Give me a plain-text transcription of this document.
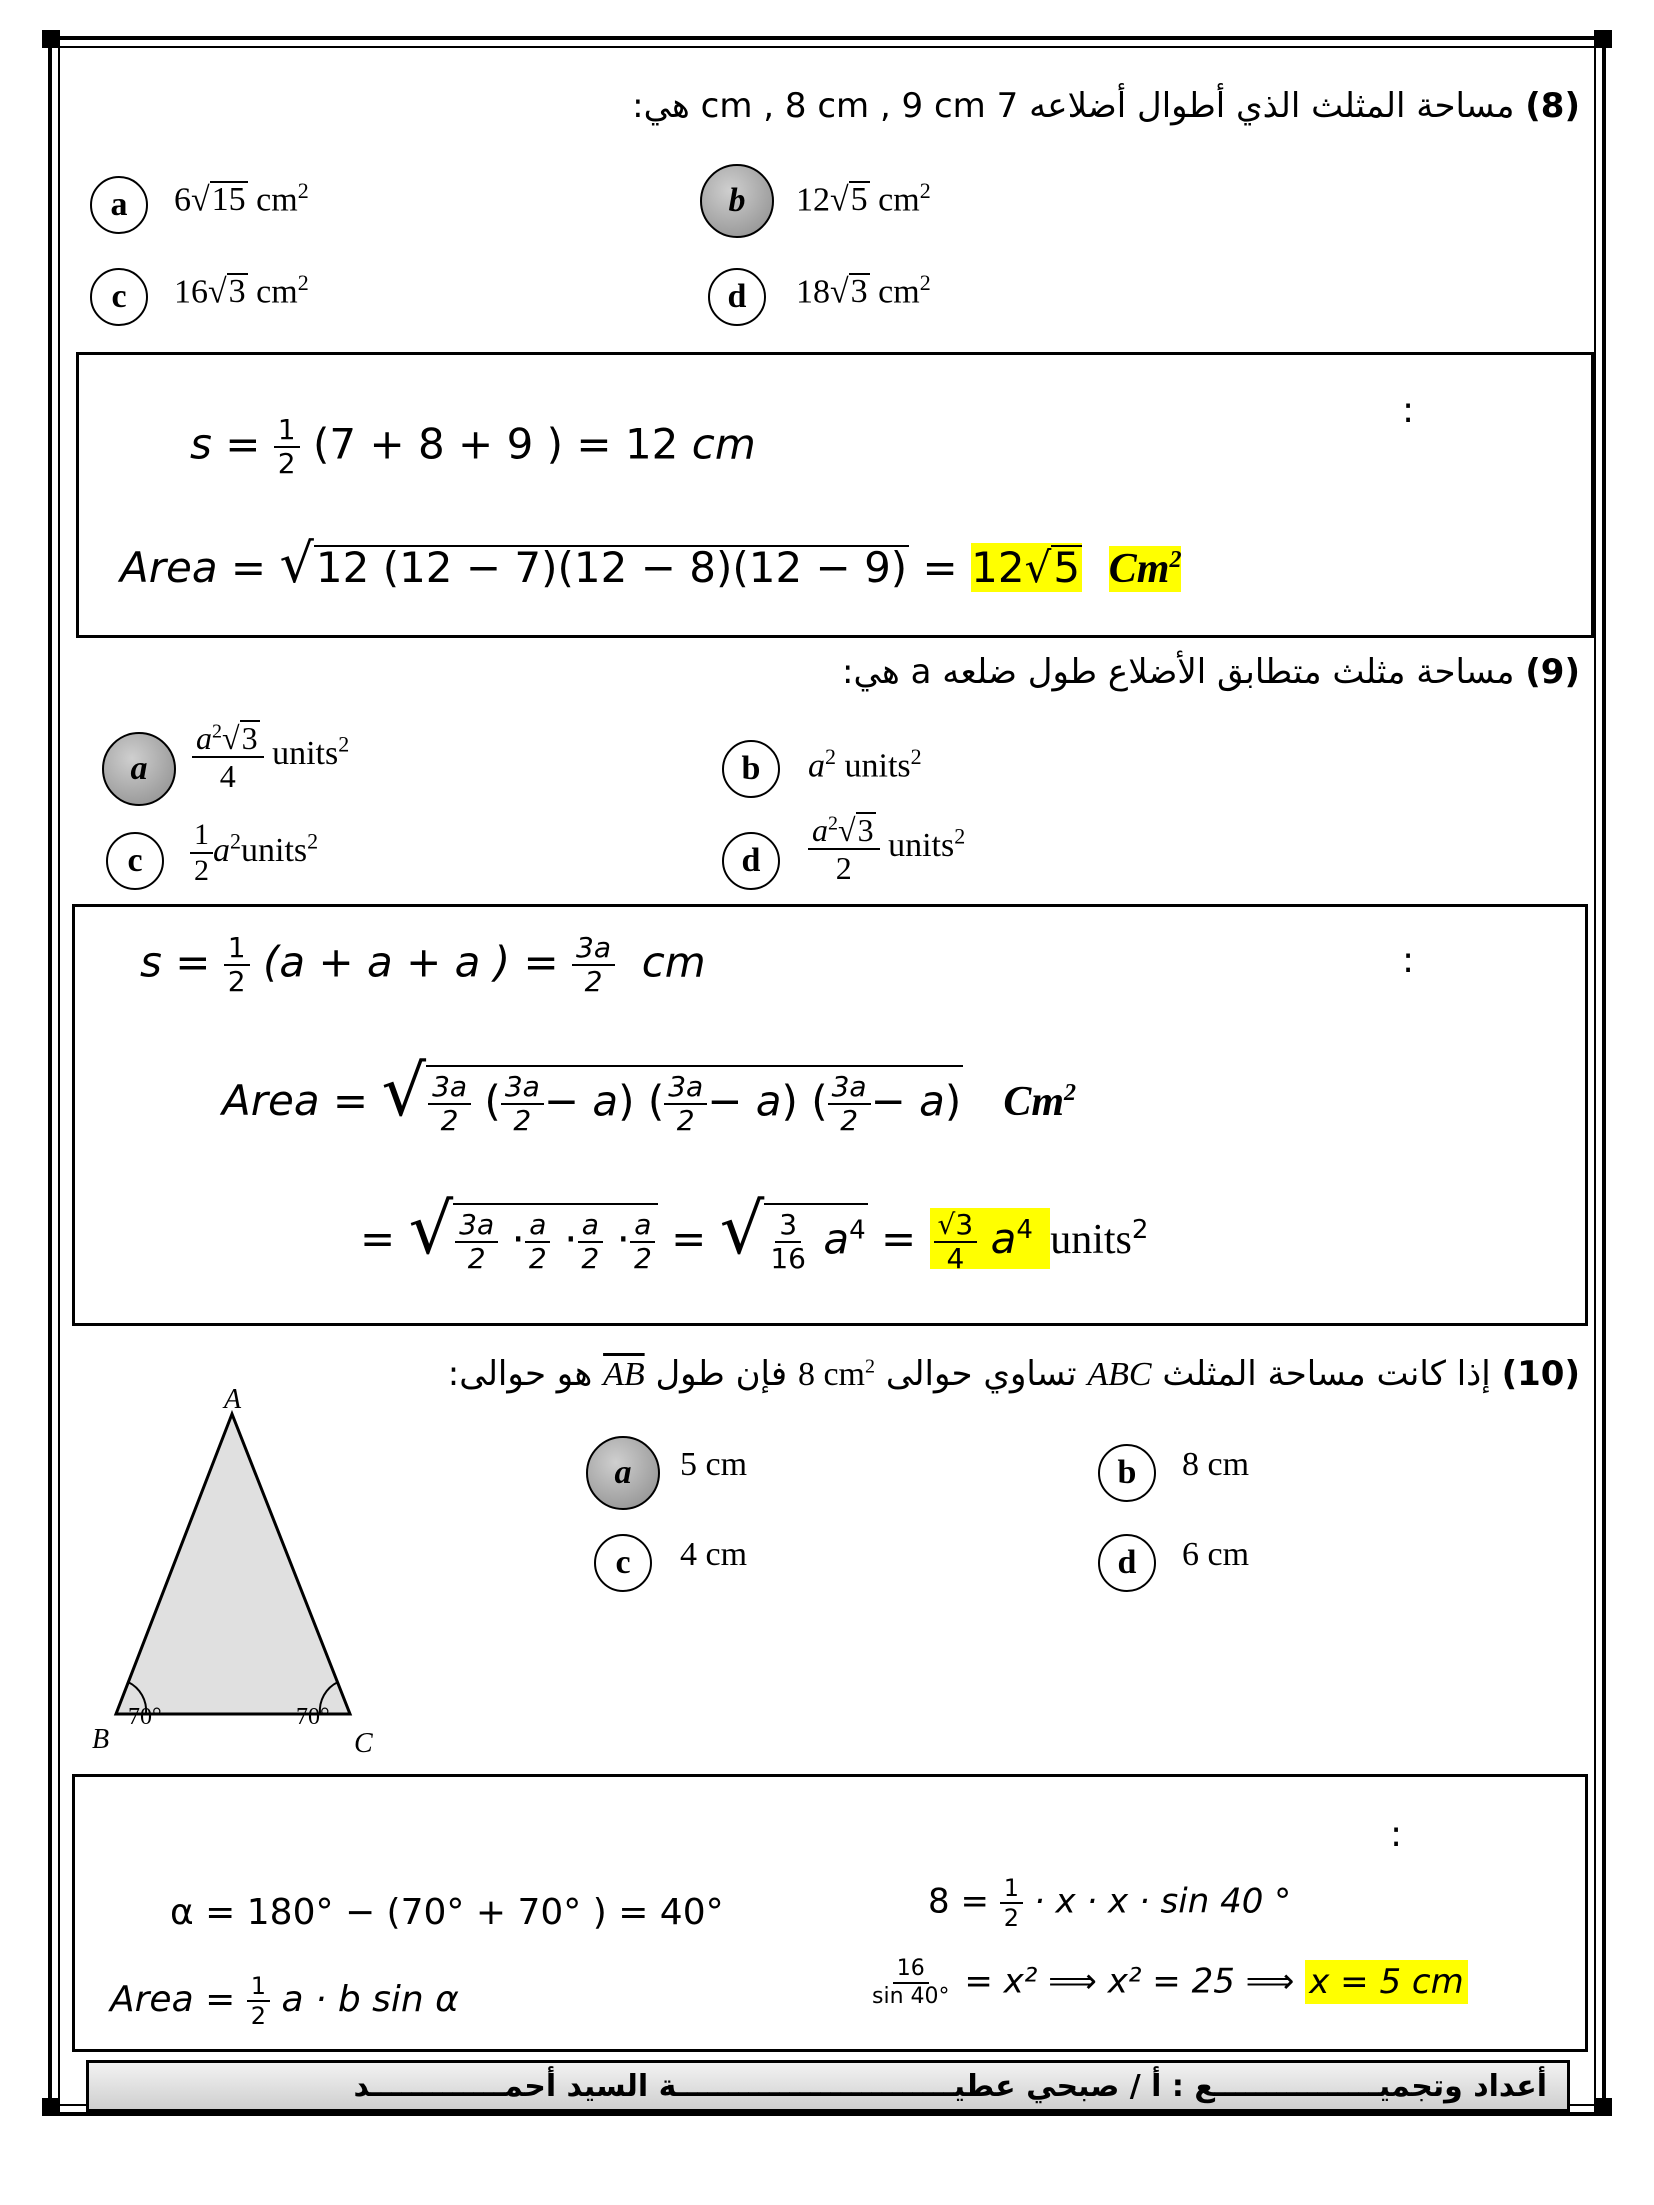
(8) مساحة المثلث الذي أطوال أضلاعه 7 cm , 8 cm , 9 cm هي:
a 6√15 $cm^2$	b 12√5 $cm^2$
c 16√3 $cm^2$	d 18√3 $cm^2$
:
$s = \frac{1}{2} (7 + 8 + 9$ ) = 12 cm
Area = √12 (12 − 7)(12 − 8)(12 − 9) = 12√5 Cm$^2$
(9) مساحة مثلث متطابق الأضلاع طول ضلعه a هي:
a $\frac{a^2√3}{4}$ units$^2$
b $a^2$ units$^2$
c $\frac{1}{2}$ $a^2units^2$
d $\frac{a^2√3}{2}$ units$^2$
:
$s = \frac{1}{2} (a + a + a$ ) = $\frac{3a}{2}$ cm
Area = √ $\frac{3a}{2}$ ( $\frac{3a}{2} - a$) ( $\frac{3a}{2} - a$) ( $\frac{3a}{2} - a$)   $Cm^2$
= √ $\frac{3a}{2} \cdot \frac{a}{2} \cdot \frac{a}{2} \cdot \frac{a}{2}$ = √ $\frac{3}{16} a^4 = \frac{√3}{4} a^4$ units$^2$
(10) إذا كانت مساحة المثلث ABC تساوي حوالى 8 $cm^2$ فإن طول $\overline{AB}$ هو حوالى:
A
B	C
70°	70°
a 5 cm	b 8 cm
c 4 cm	d 6 cm
:
α = 180° − (70° + 70° ) = 40°
Area = $\frac{1}{2}$ a · b sin α
$8 = \frac{1}{2} \cdot x \cdot x \cdot \sin 40$ °
$\frac{16}{\sin 40^\circ} = x^2$ ⟹ x² = 25 ⟹ x = 5 cm
أعداد وتجميــــــــــــــــع : أ / صبحي عطيـــــــــــــــــــــــــــة السيد أحمـــــــــــــد
